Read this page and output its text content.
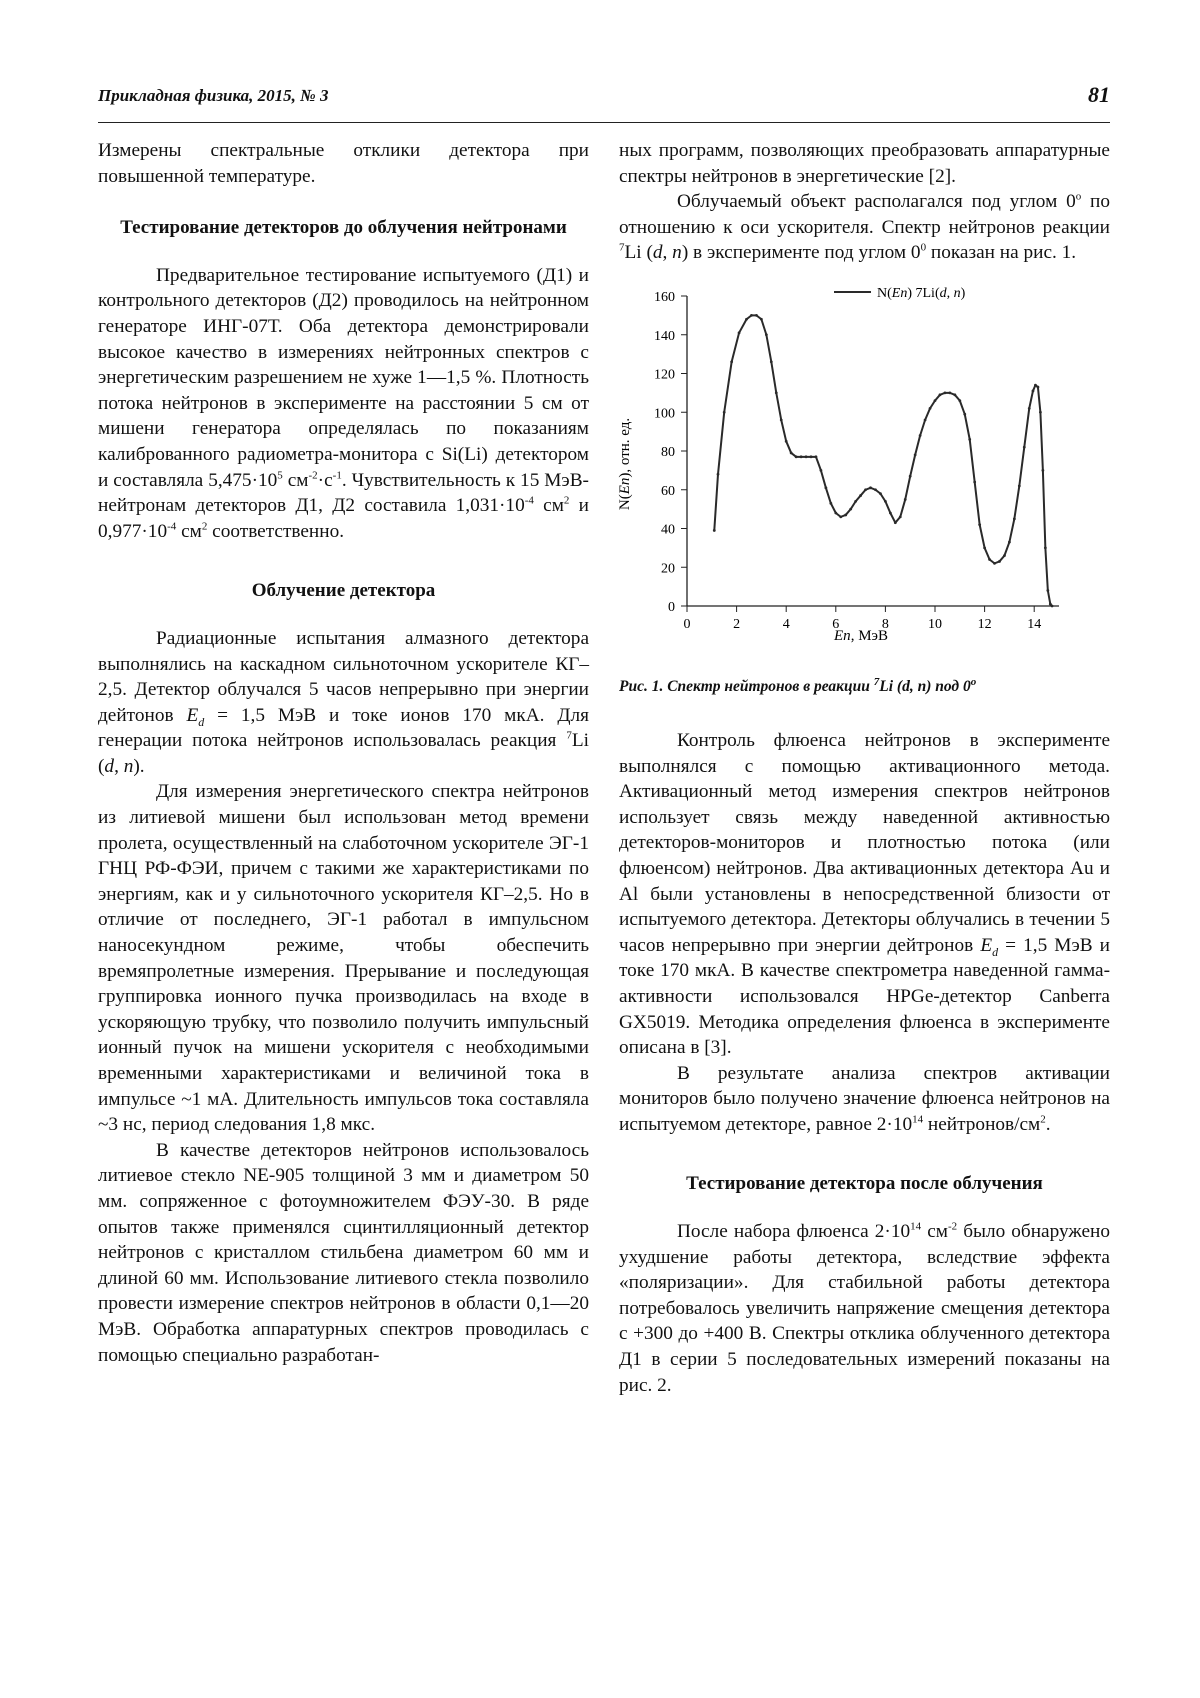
Прикладная физика, 2015, № 3	81

Измерены спектральные отклики детектора при повышенной температуре.

Тестирование детекторов до облучения нейтронами

Предварительное тестирование испытуемого (Д1) и контрольного детекторов (Д2) проводилось на нейтронном генераторе ИНГ-07Т. Оба детектора демонстрировали высокое качество в измерениях нейтронных спектров с энергетическим разрешением не хуже 1—1,5 %. Плотность потока нейтронов в эксперименте на расстоянии 5 см от мишени генератора определялась по показаниям калиброванного радиометра-монитора с Si(Li) детектором и составляла $5,475\cdot 10^5$ $см^{-2}\cdot с^{-1}$. Чувствительность к 15 МэВ- нейтронам детекторов Д1, Д2 составила $1,031\cdot 10^{-4}$ $см^2$ и $0,977\cdot 10^{-4}$ $см^2$ соответственно.

Облучение детектора

Радиационные испытания алмазного детектора выполнялись на каскадном сильноточном ускорителе КГ–2,5. Детектор облучался 5 часов непрерывно при энергии дейтонов $E_d = 1,5$ МэВ и токе ионов 170 мкА. Для генерации потока нейтронов использовалась реакция $^7$Li (d, n).

Для измерения энергетического спектра нейтронов из литиевой мишени был использован метод времени пролета, осуществленный на слаботочном ускорителе ЭГ-1 ГНЦ РФ-ФЭИ, причем с такими же характеристиками по энергиям, как и у сильноточного ускорителя КГ–2,5. Но в отличие от последнего, ЭГ-1 работал в импульсном наносекундном режиме, чтобы обеспечить времяпролетные измерения. Прерывание и последующая группировка ионного пучка производилась на входе в ускоряющую трубку, что позволило получить импульсный ионный пучок на мишени ускорителя с необходимыми временными характеристиками и величиной тока в импульсе ~1 мА. Длительность импульсов тока составляла ~3 нс, период следования 1,8 мкс.

В качестве детекторов нейтронов использовалось литиевое стекло NE-905 толщиной 3 мм и диаметром 50 мм. сопряженное с фотоумножителем ФЭУ-30. В ряде опытов также применялся сцинтилляционный детектор нейтронов с кристаллом стильбена диаметром 60 мм и длиной 60 мм. Использование литиевого стекла позволило провести измерение спектров нейтронов в области 0,1—20 МэВ. Обработка аппаратурных спектров проводилась с помощью специально разработан-

ных программ, позволяющих преобразовать аппаратурные спектры нейтронов в энергетические [2].

Облучаемый объект располагался под углом 0$^o$ по отношению к оси ускорителя. Спектр нейтронов реакции $^7$Li (d, n) в эксперименте под углом $0^0$ показан на рис. 1.

0
20
40
60
80
100
120
140
160
0	2	4	6	8	10	12	14
N(En) 7Li(d, n)
En, МэВ
N(En), отн. ед.

Рис. 1. Спектр нейтронов в реакции $^7$Li (d, n) под 0$^o$

Контроль флюенса нейтронов в эксперименте выполнялся с помощью активационного метода. Активационный метод измерения спектров нейтронов использует связь между наведенной активностью детекторов-мониторов и плотностью потока (или флюенсом) нейтронов. Два активационных детектора Au и Al были установлены в непосредственной близости от испытуемого детектора. Детекторы облучались в течении 5 часов непрерывно при энергии дейтронов $E_d = 1,5$ МэВ и токе 170 мкА. В качестве спектрометра наведенной гамма-активности использовался HPGe-детектор Canberra GX5019. Методика определения флюенса в эксперименте описана в [3].

В результате анализа спектров активации мониторов было получено значение флюенса нейтронов на испытуемом детекторе, равное $2\cdot 10^{14}$ нейтронов/$см^2$.

Тестирование детектора после облучения

После набора флюенса $2\cdot 10^{14}$ $см^{-2}$ было обнаружено ухудшение работы детектора, вследствие эффекта «поляризации». Для стабильной работы детектора потребовалось увеличить напряжение смещения детектора с +300 до +400 В. Спектры отклика облученного детектора Д1 в серии 5 последовательных измерений показаны на рис. 2.
